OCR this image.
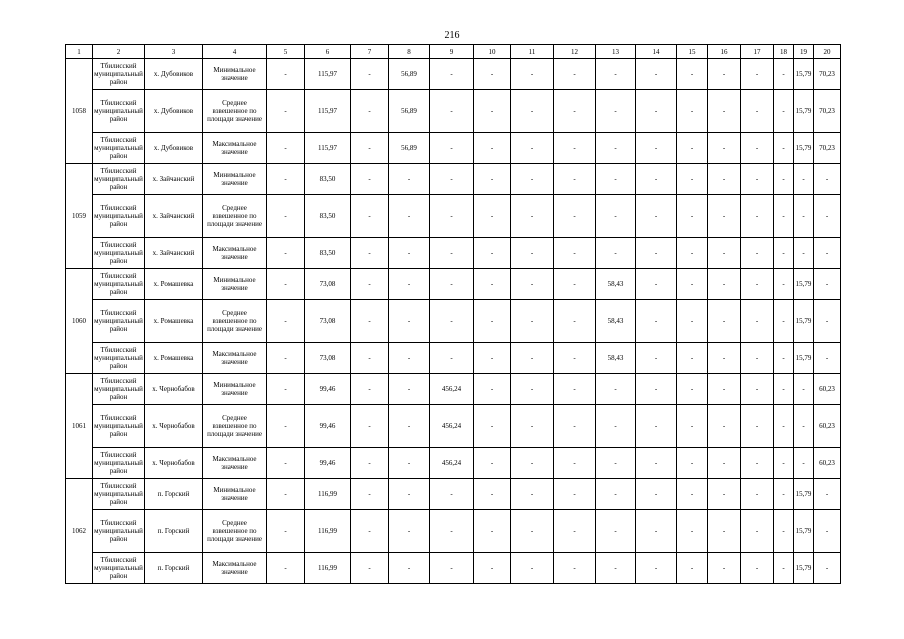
216
1	2	3	4	5	6	7	8	9	10	11	12	13	14	15	16	17	18	19	20
1058	Тбилисский муниципальный район	х. Дубовиков	Минимальное значение	-	115,97	-	56,89	-	-	-	-	-	-	-	-	-	-	15,79	70,23
	Тбилисский муниципальный район	х. Дубовиков	Среднее взвешенное по площади значение	-	115,97	-	56,89	-	-	-	-	-	-	-	-	-	-	15,79	70,23
	Тбилисский муниципальный район	х. Дубовиков	Максимальное значение	-	115,97	-	56,89	-	-	-	-	-	-	-	-	-	-	15,79	70,23
1059	Тбилисский муниципальный район	х. Зайчанский	Минимальное значение	-	83,50	-	-	-	-	-	-	-	-	-	-	-	-	-	-
	Тбилисский муниципальный район	х. Зайчанский	Среднее взвешенное по площади значение	-	83,50	-	-	-	-	-	-	-	-	-	-	-	-	-	-
	Тбилисский муниципальный район	х. Зайчанский	Максимальное значение	-	83,50	-	-	-	-	-	-	-	-	-	-	-	-	-	-
1060	Тбилисский муниципальный район	х. Ромашевка	Минимальное значение	-	73,08	-	-	-	-	-	-	58,43	-	-	-	-	-	15,79	-
	Тбилисский муниципальный район	х. Ромашевка	Среднее взвешенное по площади значение	-	73,08	-	-	-	-	-	-	58,43	-	-	-	-	-	15,79	-
	Тбилисский муниципальный район	х. Ромашевка	Максимальное значение	-	73,08	-	-	-	-	-	-	58,43	-	-	-	-	-	15,79	-
1061	Тбилисский муниципальный район	х. Чернобабов	Минимальное значение	-	99,46	-	-	456,24	-	-	-	-	-	-	-	-	-	-	60,23
	Тбилисский муниципальный район	х. Чернобабов	Среднее взвешенное по площади значение	-	99,46	-	-	456,24	-	-	-	-	-	-	-	-	-	-	60,23
	Тбилисский муниципальный район	х. Чернобабов	Максимальное значение	-	99,46	-	-	456,24	-	-	-	-	-	-	-	-	-	-	60,23
1062	Тбилисский муниципальный район	п. Горский	Минимальное значение	-	116,99	-	-	-	-	-	-	-	-	-	-	-	-	15,79	-
	Тбилисский муниципальный район	п. Горский	Среднее взвешенное по площади значение	-	116,99	-	-	-	-	-	-	-	-	-	-	-	-	15,79	-
	Тбилисский муниципальный район	п. Горский	Максимальное значение	-	116,99	-	-	-	-	-	-	-	-	-	-	-	-	15,79	-
